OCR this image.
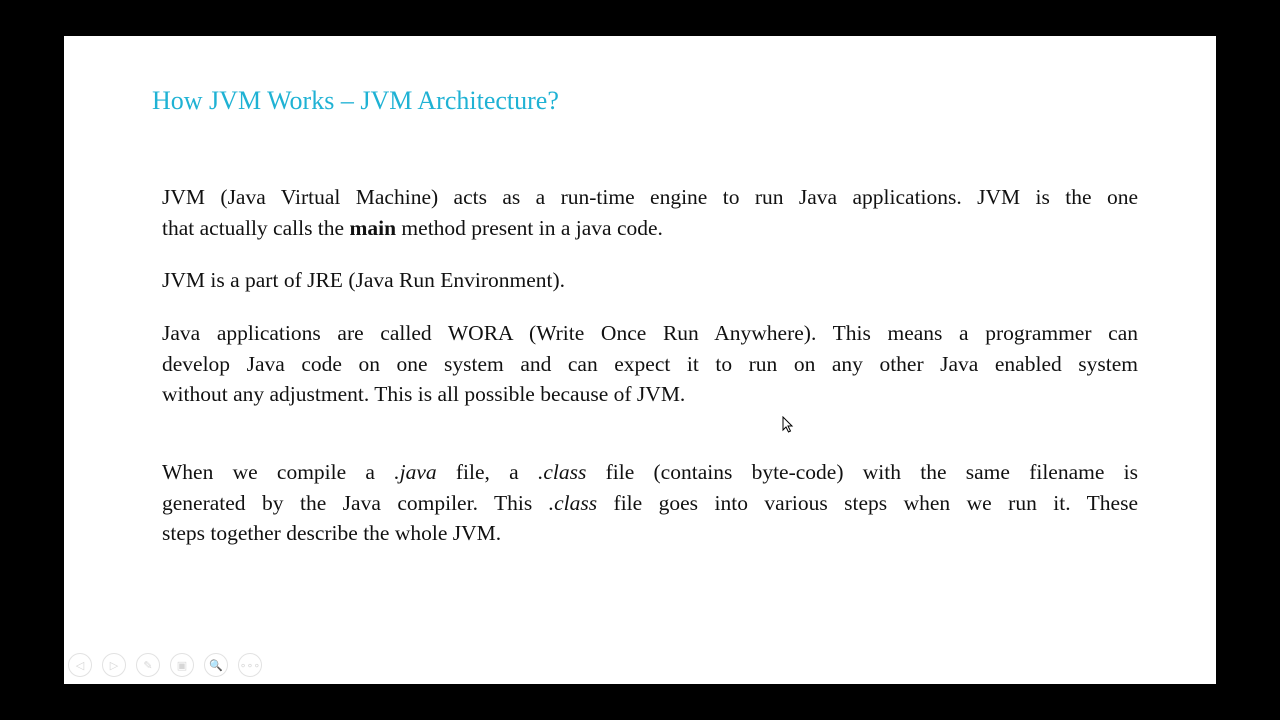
How JVM Works – JVM Architecture?
JVM (Java Virtual Machine) acts as a run-time engine to run Java applications. JVM is the one
that actually calls the main method present in a java code.
JVM is a part of JRE (Java Run Environment).
Java applications are called WORA (Write Once Run Anywhere). This means a programmer can
develop Java code on one system and can expect it to run on any other Java enabled system
without any adjustment. This is all possible because of JVM.
When we compile a .java file, a .class file (contains byte-code) with the same filename is
generated by the Java compiler. This .class file goes into various steps when we run it. These
steps together describe the whole JVM.
◁ ▷ ✎ ▣ 🔍 ∘∘∘
